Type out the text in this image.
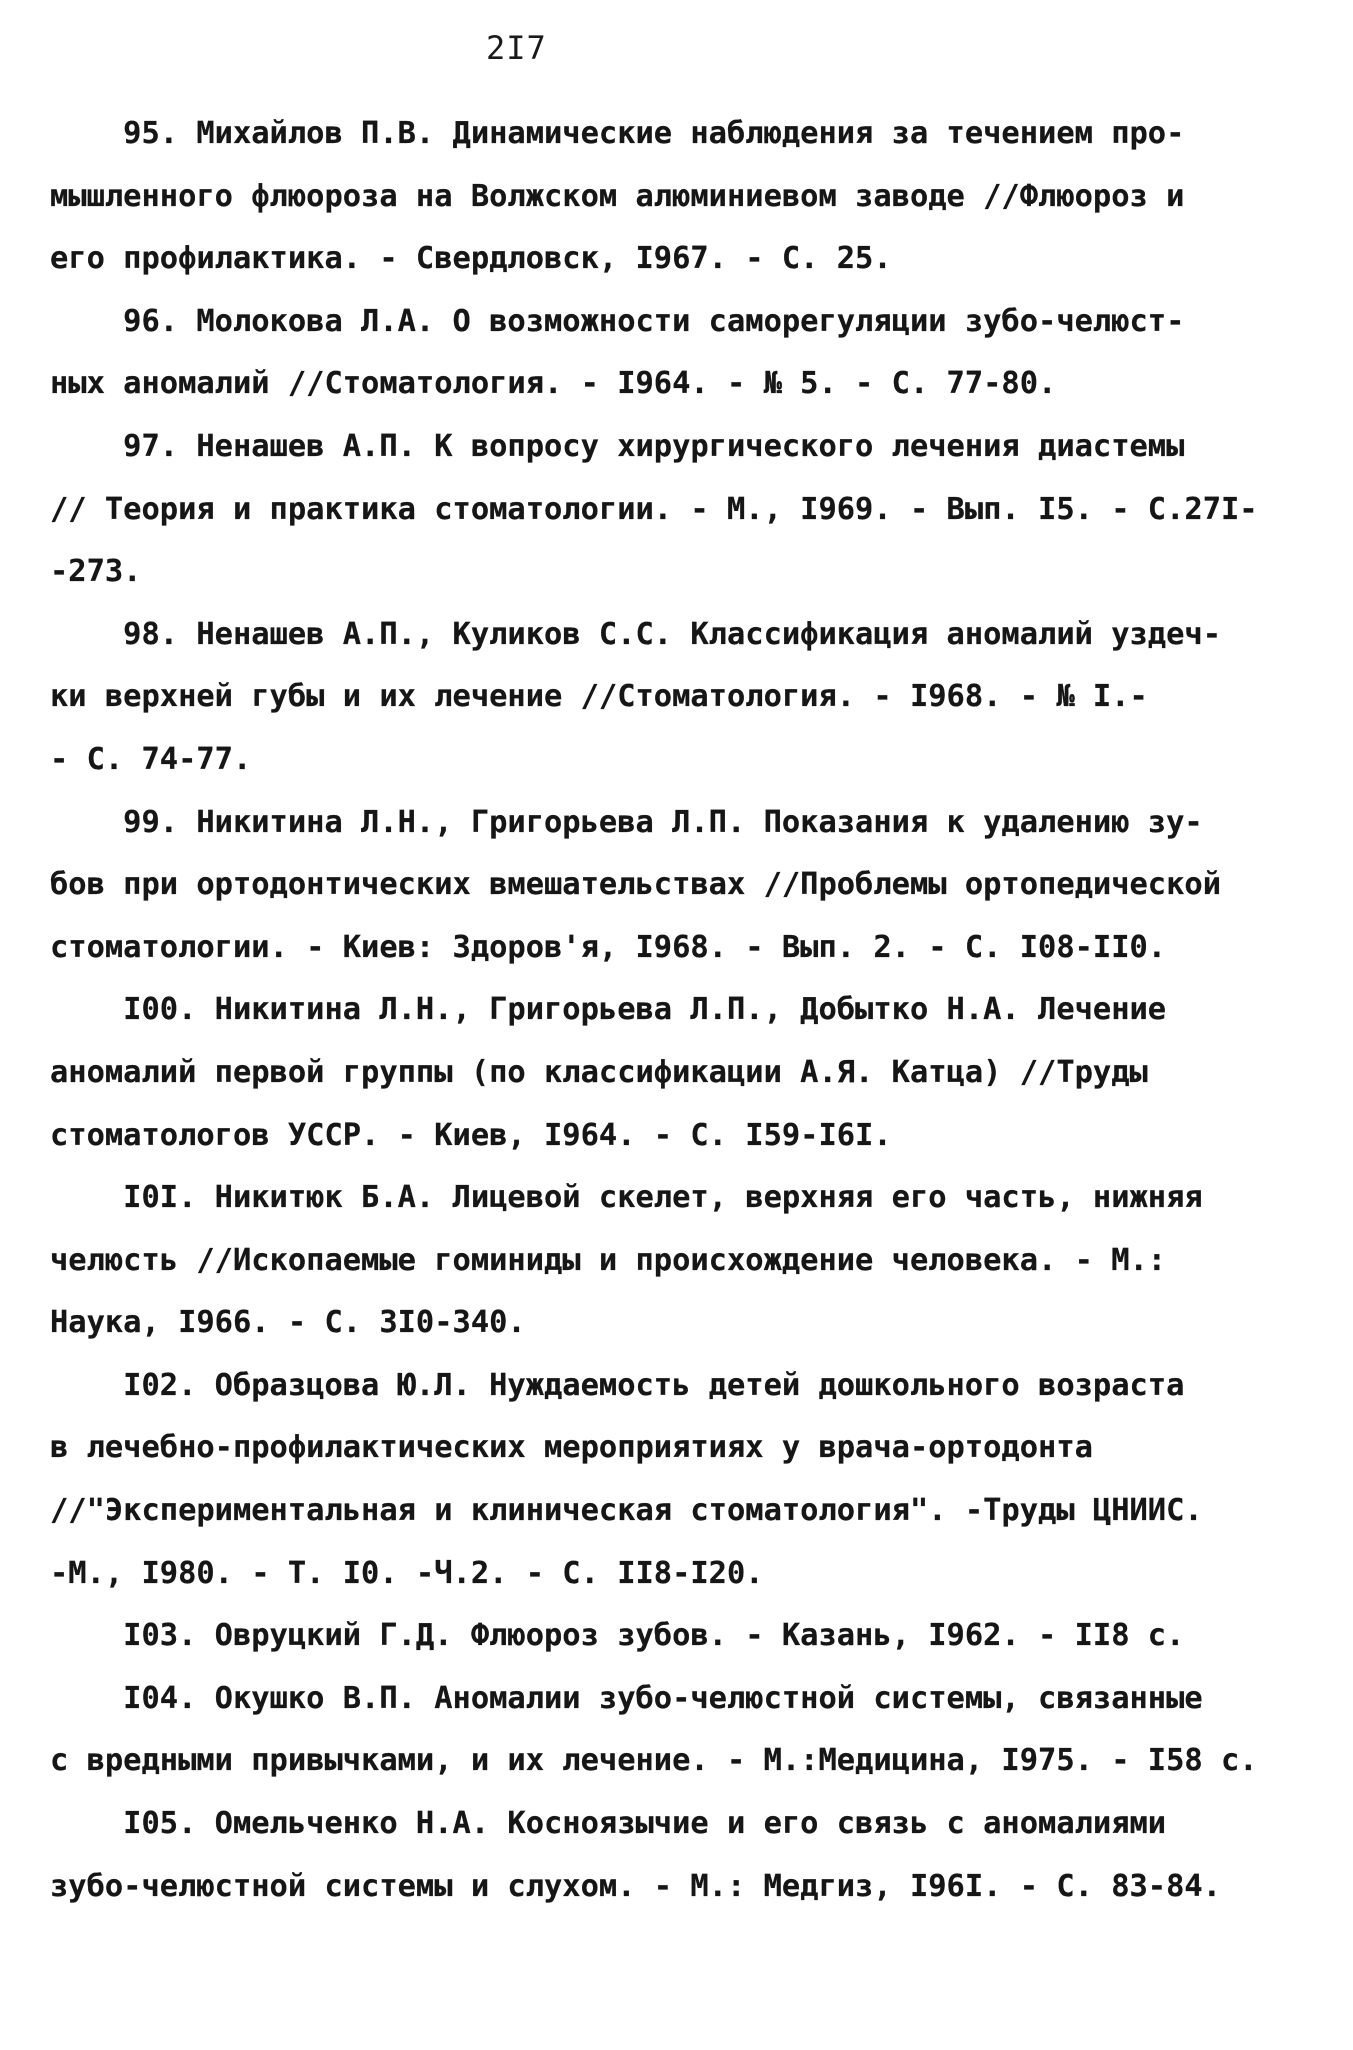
2I7
95. Михайлов П.В. Динамические наблюдения за течением про-
мышленного флюороза на Волжском алюминиевом заводе //Флюороз и
его профилактика. - Свердловск, I967. - С. 25.
96. Молокова Л.А. О возможности саморегуляции зубо-челюст-
ных аномалий //Стоматология. - I964. - № 5. - С. 77-80.
97. Ненашев А.П. К вопросу хирургического лечения диастемы
// Теория и практика стоматологии. - М., I969. - Вып. I5. - С.27I-
-273.
98. Ненашев А.П., Куликов С.С. Классификация аномалий уздеч-
ки верхней губы и их лечение //Стоматология. - I968. - № I.-
- С. 74-77.
99. Никитина Л.Н., Григорьева Л.П. Показания к удалению зу-
бов при ортодонтических вмешательствах //Проблемы ортопедической
стоматологии. - Киев: Здоров'я, I968. - Вып. 2. - С. I08-II0.
I00. Никитина Л.Н., Григорьева Л.П., Добытко Н.А. Лечение
аномалий первой группы (по классификации А.Я. Катца) //Труды
стоматологов УССР. - Киев, I964. - С. I59-I6I.
I0I. Никитюк Б.А. Лицевой скелет, верхняя его часть, нижняя
челюсть //Ископаемые гоминиды и происхождение человека. - М.:
Наука, I966. - С. 3I0-340.
I02. Образцова Ю.Л. Нуждаемость детей дошкольного возраста
в лечебно-профилактических мероприятиях у врача-ортодонта
//"Экспериментальная и клиническая стоматология". -Труды ЦНИИС.
-М., I980. - Т. I0. -Ч.2. - С. II8-I20.
I03. Овруцкий Г.Д. Флюороз зубов. - Казань, I962. - II8 с.
I04. Окушко В.П. Аномалии зубо-челюстной системы, связанные
с вредными привычками, и их лечение. - М.:Медицина, I975. - I58 с.
I05. Омельченко Н.А. Косноязычие и его связь с аномалиями
зубо-челюстной системы и слухом. - М.: Медгиз, I96I. - С. 83-84.
